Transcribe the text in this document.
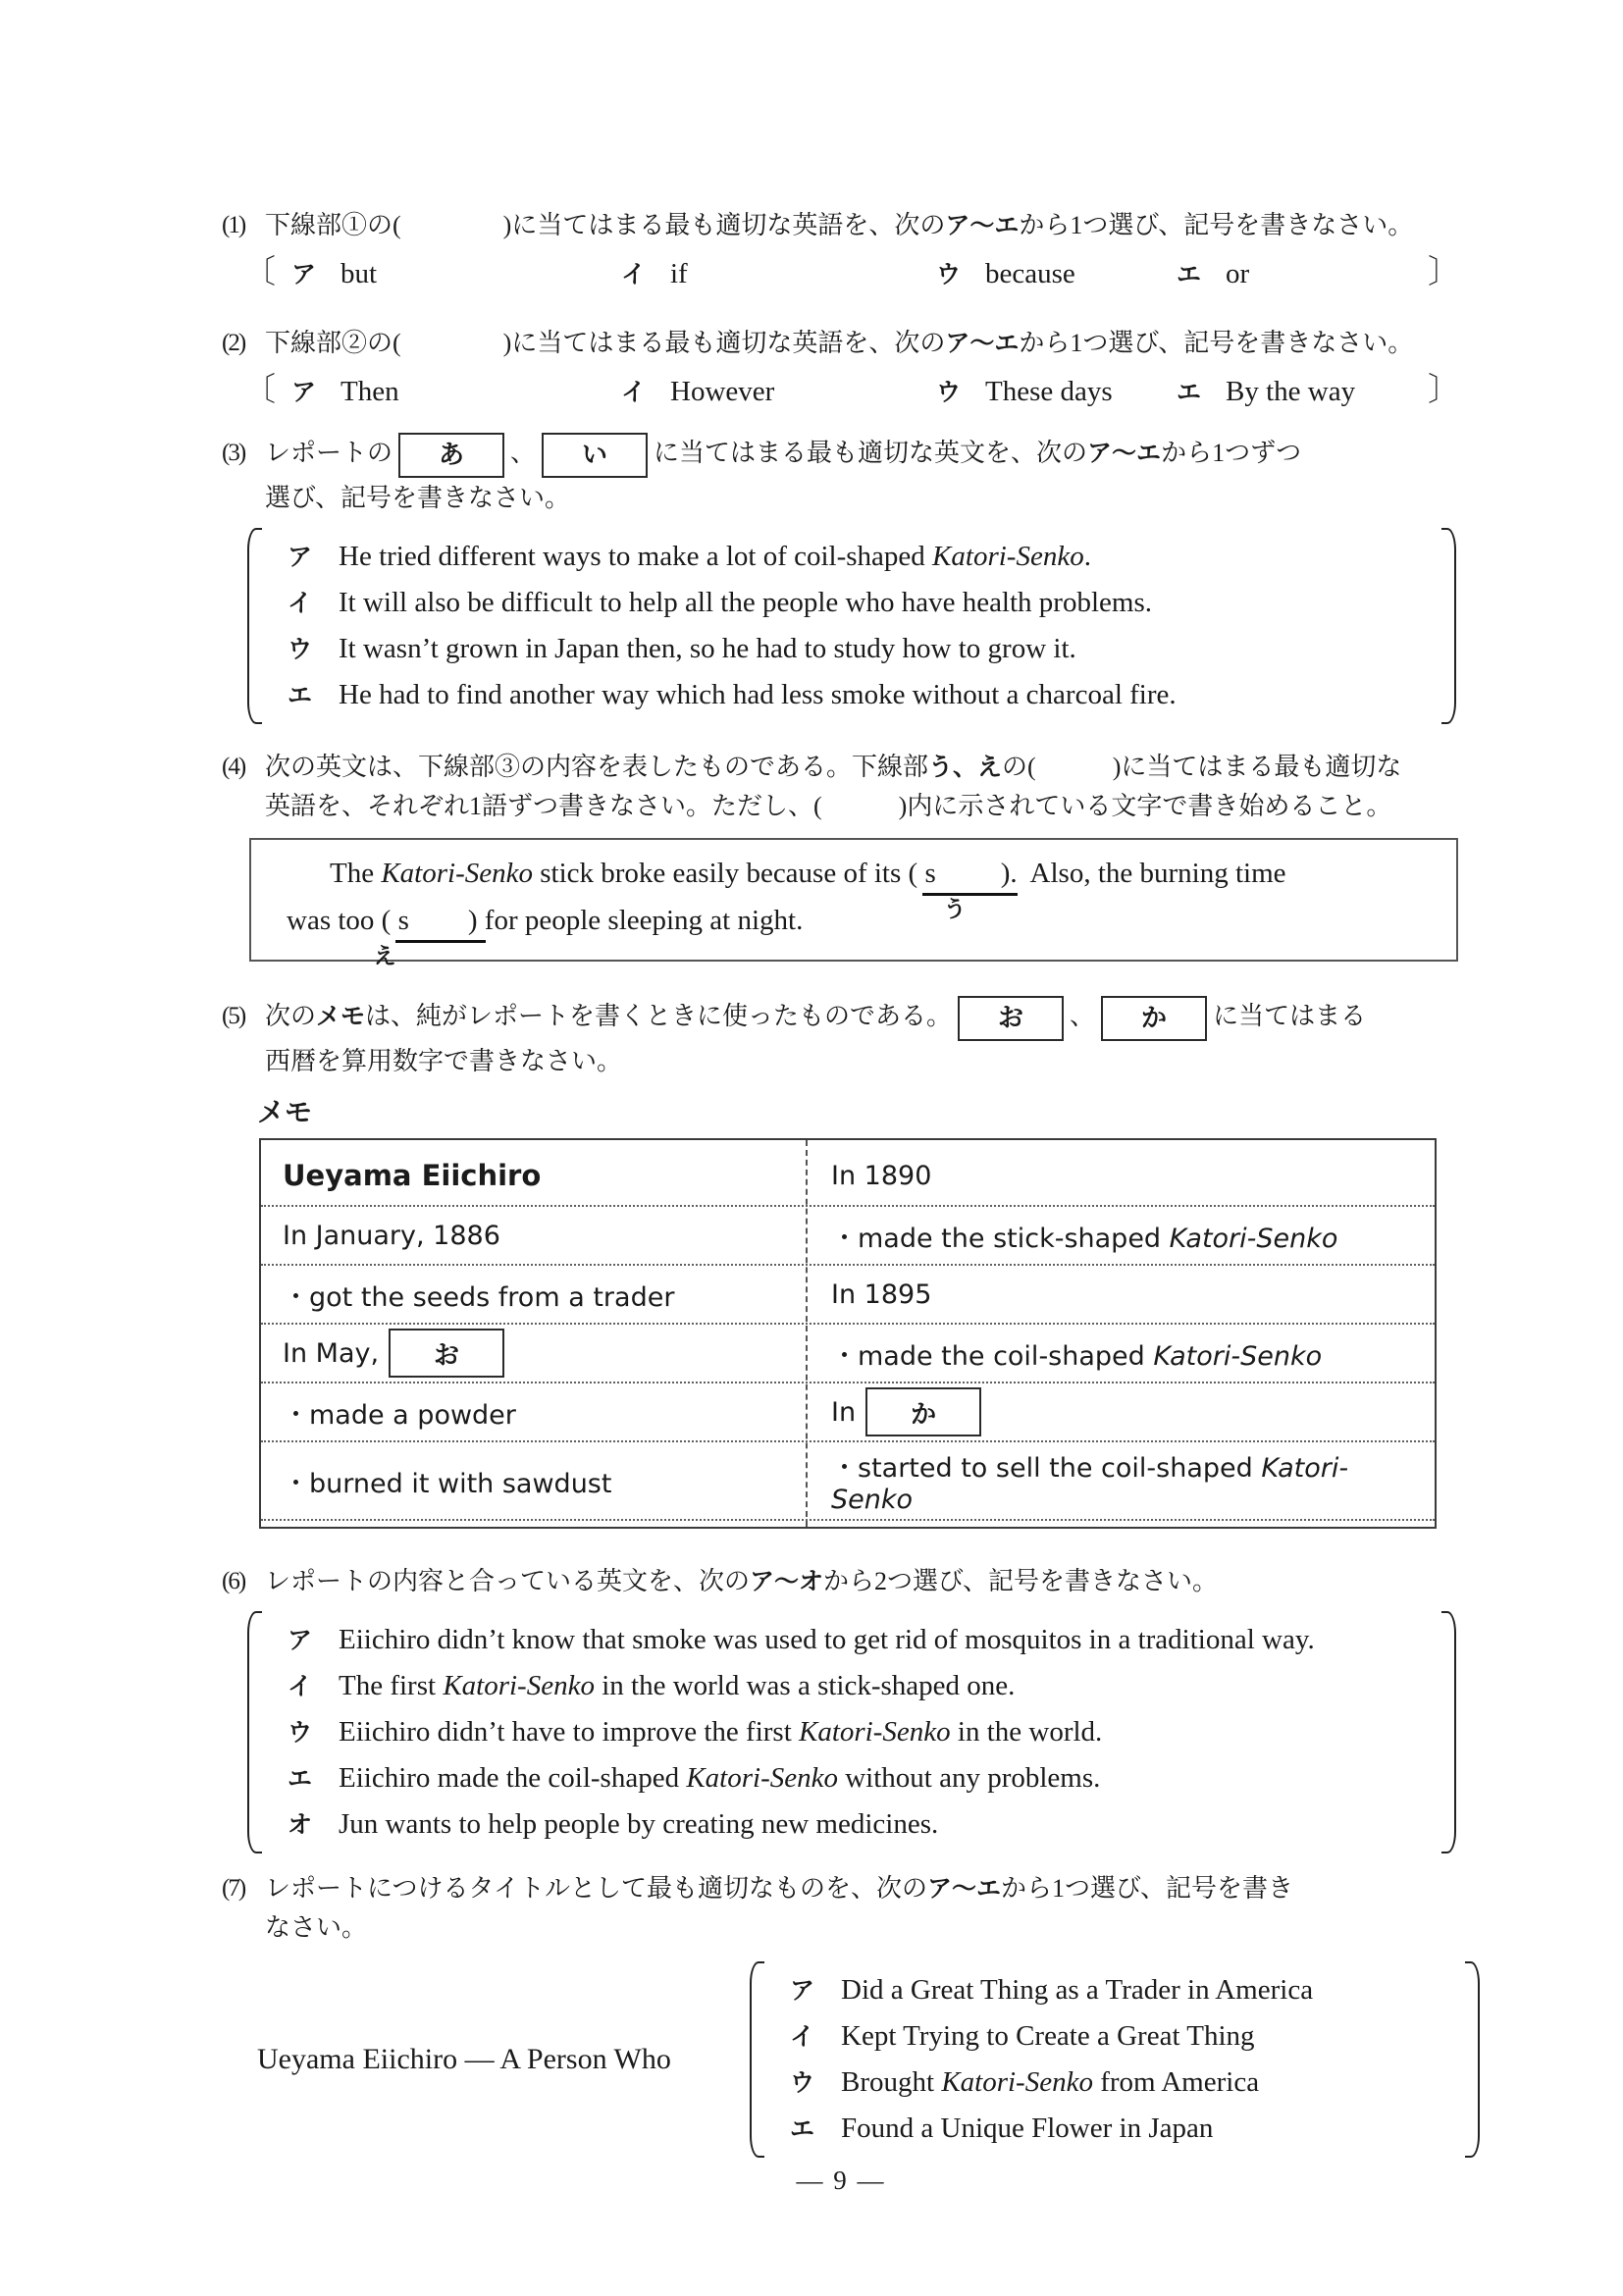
(1) 下線部①の(　　　　)に当てはまる最も適切な英語を、次のア〜エから1つ選び、記号を書きなさい。
〔 ア but	イ if	ウ because	エ or	〕
(2) 下線部②の(　　　　)に当てはまる最も適切な英語を、次のア〜エから1つ選び、記号を書きなさい。
〔 ア Then	イ However	ウ These days	エ By the way 〕
(3) レポートの あ 、 い に当てはまる最も適切な英文を、次のア〜エから1つずつ
選び、記号を書きなさい。
ア He tried different ways to make a lot of coil-shaped Katori-Senko.
イ It will also be difficult to help all the people who have health problems.
ウ It wasn’t grown in Japan then, so he had to study how to grow it.
エ He had to find another way which had less smoke without a charcoal fire.
(4) 次の英文は、下線部③の内容を表したものである。下線部う、えの(　　　)に当てはまる最も適切な
英語を、それぞれ1語ずつ書きなさい。ただし、(　　　)内に示されている文字で書き始めること。
The Katori-Senko stick broke easily because of its ( s )
う
.  Also, the burning time
was too ( s )
え
for people sleeping at night.
(5) 次のメモは、純がレポートを書くときに使ったものである。 お 、 か に当てはまる
西暦を算用数字で書きなさい。
メモ
Ueyama Eiichiro	In 1890
In January, 1886	・made the stick-shaped Katori-Senko
・got the seeds from a trader	In 1895
In May,	お	・made the coil-shaped Katori-Senko
・made a powder	In	か
・burned it with sawdust	・started to sell the coil-shaped Katori-Senko
(6) レポートの内容と合っている英文を、次のア〜オから2つ選び、記号を書きなさい。
ア Eiichiro didn’t know that smoke was used to get rid of mosquitos in a traditional way.
イ The first Katori-Senko in the world was a stick-shaped one.
ウ Eiichiro didn’t have to improve the first Katori-Senko in the world.
エ Eiichiro made the coil-shaped Katori-Senko without any problems.
オ Jun wants to help people by creating new medicines.
(7) レポートにつけるタイトルとして最も適切なものを、次のア〜エから1つ選び、記号を書き
なさい。
Ueyama Eiichiro — A Person Who
ア Did a Great Thing as a Trader in America
イ Kept Trying to Create a Great Thing
ウ Brought Katori-Senko from America
エ Found a Unique Flower in Japan
— 9 —
